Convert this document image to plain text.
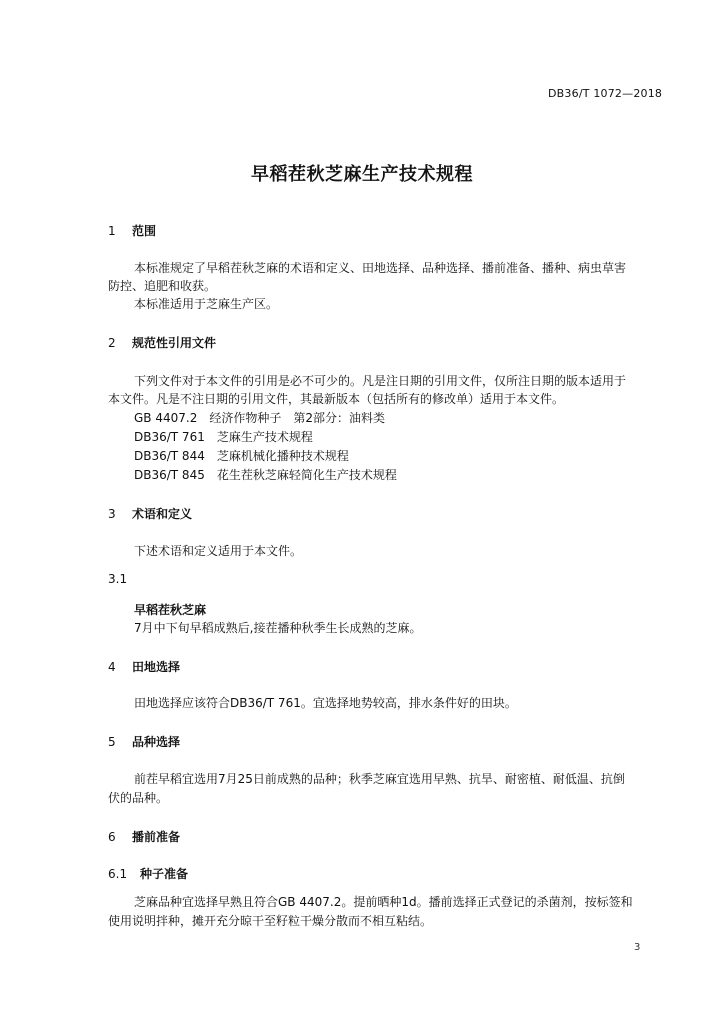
DB36/T 1072—2018
早稻茬秋芝麻生产技术规程
1 范围
本标准规定了早稻茬秋芝麻的术语和定义、田地选择、品种选择、播前准备、播种、病虫草害
防控、追肥和收获。
本标准适用于芝麻生产区。
2 规范性引用文件
下列文件对于本文件的引用是必不可少的。凡是注日期的引用文件，仅所注日期的版本适用于
本文件。凡是不注日期的引用文件，其最新版本（包括所有的修改单）适用于本文件。
GB 4407.2　经济作物种子　第2部分：油料类
DB36/T 761　芝麻生产技术规程
DB36/T 844　芝麻机械化播种技术规程
DB36/T 845　花生茬秋芝麻轻简化生产技术规程
3 术语和定义
下述术语和定义适用于本文件。
3.1
早稻茬秋芝麻
7月中下旬早稻成熟后,接茬播种秋季生长成熟的芝麻。
4 田地选择
田地选择应该符合DB36/T 761。宜选择地势较高，排水条件好的田块。
5 品种选择
前茬早稻宜选用7月25日前成熟的品种；秋季芝麻宜选用早熟、抗旱、耐密植、耐低温、抗倒
伏的品种。
6 播前准备
6.1 种子准备
芝麻品种宜选择早熟且符合GB 4407.2。提前晒种1d。播前选择正式登记的杀菌剂，按标签和
使用说明拌种，摊开充分晾干至籽粒干燥分散而不相互粘结。
3
